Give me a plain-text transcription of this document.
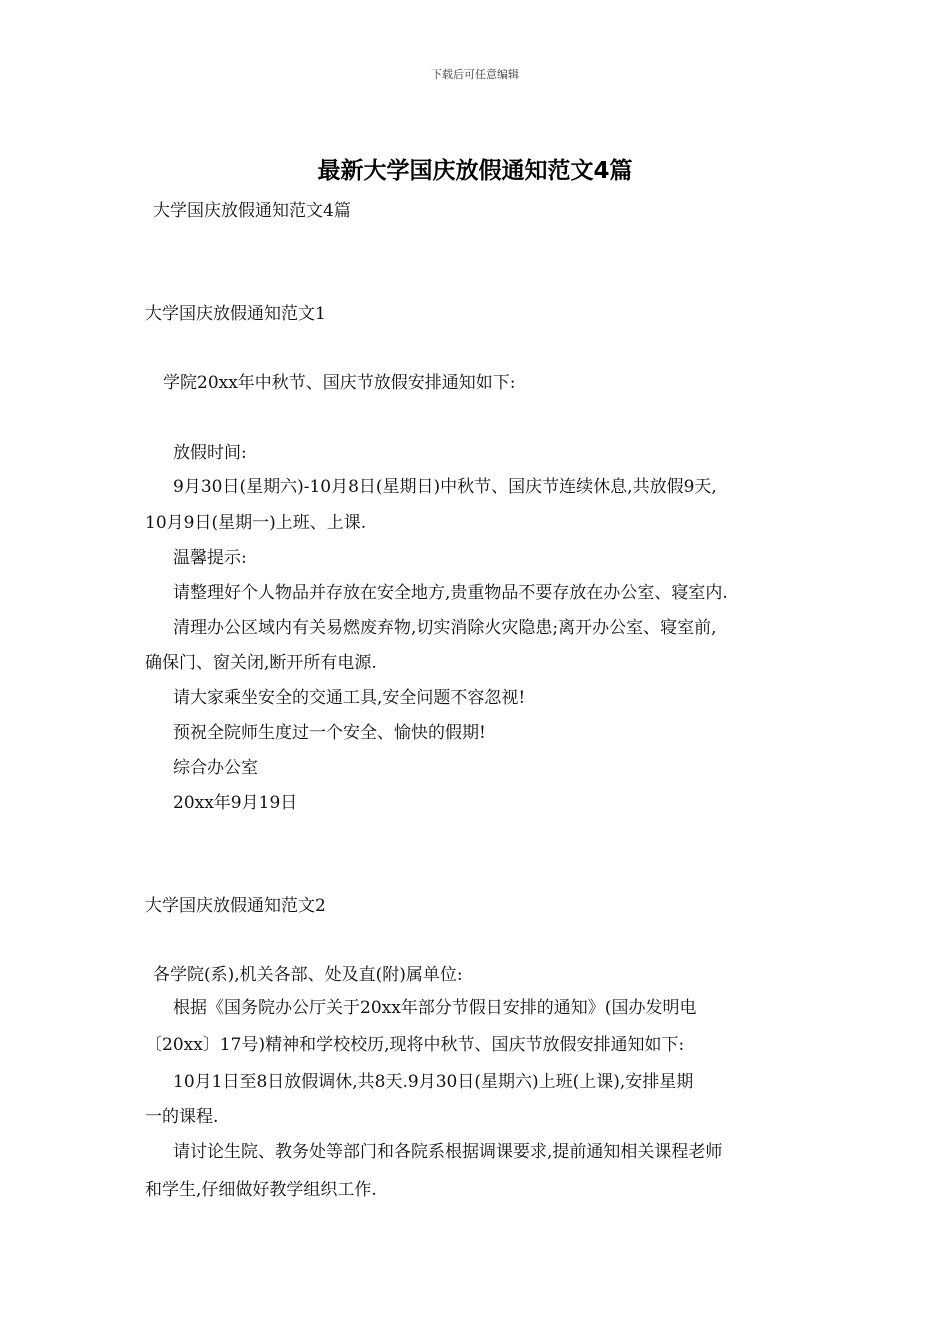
下载后可任意编辑
最新大学国庆放假通知范文4篇
大学国庆放假通知范文4篇
大学国庆放假通知范文1
学院20xx年中秋节、国庆节放假安排通知如下:
放假时间:
9月30日(星期六)-10月8日(星期日)中秋节、国庆节连续休息,共放假9天,
10月9日(星期一)上班、上课.
温馨提示:
请整理好个人物品并存放在安全地方,贵重物品不要存放在办公室、寝室内.
清理办公区域内有关易燃废弃物,切实消除火灾隐患;离开办公室、寝室前,
确保门、窗关闭,断开所有电源.
请大家乘坐安全的交通工具,安全问题不容忽视!
预祝全院师生度过一个安全、愉快的假期!
综合办公室
20xx年9月19日
大学国庆放假通知范文2
各学院(系),机关各部、处及直(附)属单位:
根据《国务院办公厅关于20xx年部分节假日安排的通知》(国办发明电
〔20xx〕17号)精神和学校校历,现将中秋节、国庆节放假安排通知如下:
10月1日至8日放假调休,共8天.9月30日(星期六)上班(上课),安排星期
一的课程.
请讨论生院、教务处等部门和各院系根据调课要求,提前通知相关课程老师
和学生,仔细做好教学组织工作.
